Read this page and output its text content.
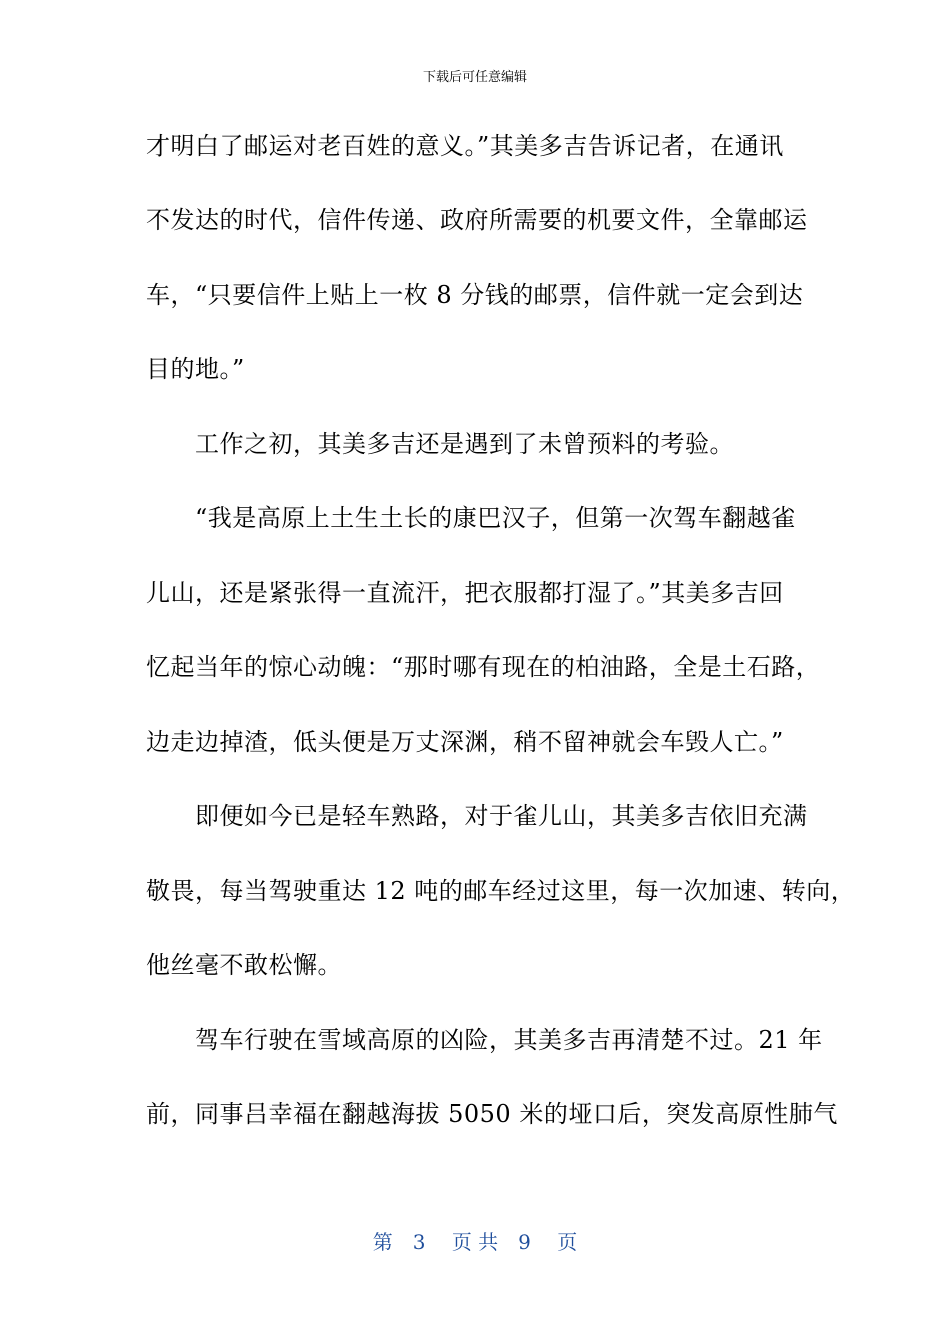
下载后可任意编辑
才明白了邮运对老百姓的意义。”其美多吉告诉记者，在通讯
不发达的时代，信件传递、政府所需要的机要文件，全靠邮运
车，“只要信件上贴上一枚 8 分钱的邮票，信件就一定会到达
目的地。”
　　工作之初，其美多吉还是遇到了未曾预料的考验。
　　“我是高原上土生土长的康巴汉子，但第一次驾车翻越雀
儿山，还是紧张得一直流汗，把衣服都打湿了。”其美多吉回
忆起当年的惊心动魄：“那时哪有现在的柏油路，全是土石路，
边走边掉渣，低头便是万丈深渊，稍不留神就会车毁人亡。”
　　即便如今已是轻车熟路，对于雀儿山，其美多吉依旧充满
敬畏，每当驾驶重达 12 吨的邮车经过这里，每一次加速、转向，
他丝毫不敢松懈。
　　驾车行驶在雪域高原的凶险，其美多吉再清楚不过。21 年
前，同事吕幸福在翻越海拔 5050 米的垭口后，突发高原性肺气
第　3　 页 共　9　 页
